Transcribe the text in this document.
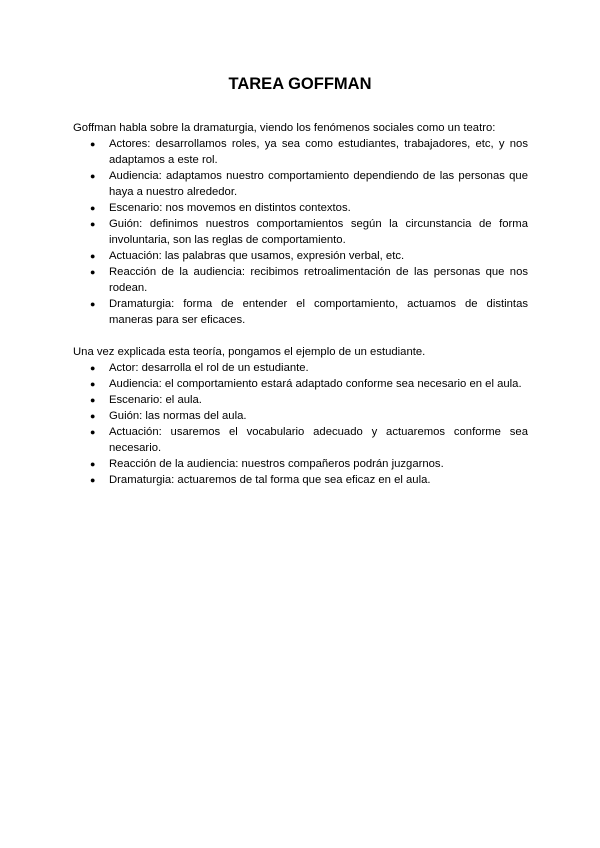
TAREA GOFFMAN

Goffman habla sobre la dramaturgia, viendo los fenómenos sociales como un teatro:

● Actores: desarrollamos roles, ya sea como estudiantes, trabajadores, etc, y nos adaptamos a este rol.
● Audiencia: adaptamos nuestro comportamiento dependiendo de las personas que haya a nuestro alrededor.
● Escenario: nos movemos en distintos contextos.
● Guión: definimos nuestros comportamientos según la circunstancia de forma involuntaria, son las reglas de comportamiento.
● Actuación: las palabras que usamos, expresión verbal, etc.
● Reacción de la audiencia: recibimos retroalimentación de las personas que nos rodean.
● Dramaturgia: forma de entender el comportamiento, actuamos de distintas maneras para ser eficaces.

Una vez explicada esta teoría, pongamos el ejemplo de un estudiante.

● Actor: desarrolla el rol de un estudiante.
● Audiencia: el comportamiento estará adaptado conforme sea necesario en el aula.
● Escenario: el aula.
● Guión: las normas del aula.
● Actuación: usaremos el vocabulario adecuado y actuaremos conforme sea necesario.
● Reacción de la audiencia: nuestros compañeros podrán juzgarnos.
● Dramaturgia: actuaremos de tal forma que sea eficaz en el aula.
